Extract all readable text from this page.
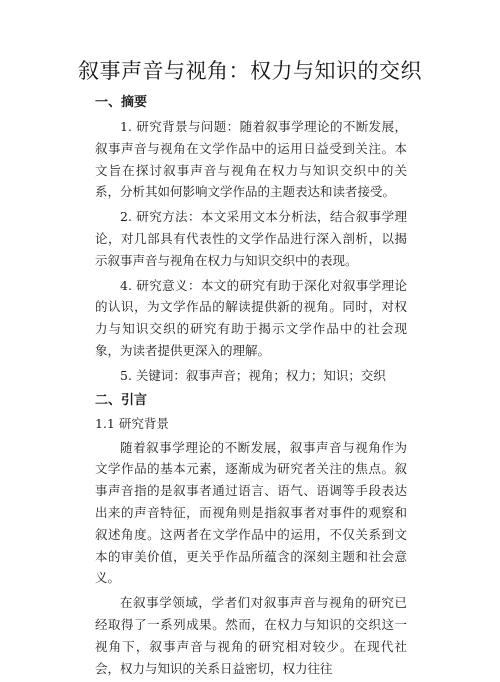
叙事声音与视角：权力与知识的交织
一、摘要

1. 研究背景与问题：随着叙事学理论的不断发展，叙事声音与视角在文学作品中的运用日益受到关注。本文旨在探讨叙事声音与视角在权力与知识交织中的关系，分析其如何影响文学作品的主题表达和读者接受。

2. 研究方法：本文采用文本分析法，结合叙事学理论，对几部具有代表性的文学作品进行深入剖析，以揭示叙事声音与视角在权力与知识交织中的表现。

4. 研究意义：本文的研究有助于深化对叙事学理论的认识，为文学作品的解读提供新的视角。同时，对权力与知识交织的研究有助于揭示文学作品中的社会现象，为读者提供更深入的理解。

5. 关键词：叙事声音；视角；权力；知识；交织

二、引言
1.1 研究背景

随着叙事学理论的不断发展，叙事声音与视角作为文学作品的基本元素，逐渐成为研究者关注的焦点。叙事声音指的是叙事者通过语言、语气、语调等手段表达出来的声音特征，而视角则是指叙事者对事件的观察和叙述角度。这两者在文学作品中的运用，不仅关系到文本的审美价值，更关乎作品所蕴含的深刻主题和社会意义。

在叙事学领域，学者们对叙事声音与视角的研究已经取得了一系列成果。然而，在权力与知识的交织这一视角下，叙事声音与视角的研究相对较少。在现代社会，权力与知识的关系日益密切，权力往往
